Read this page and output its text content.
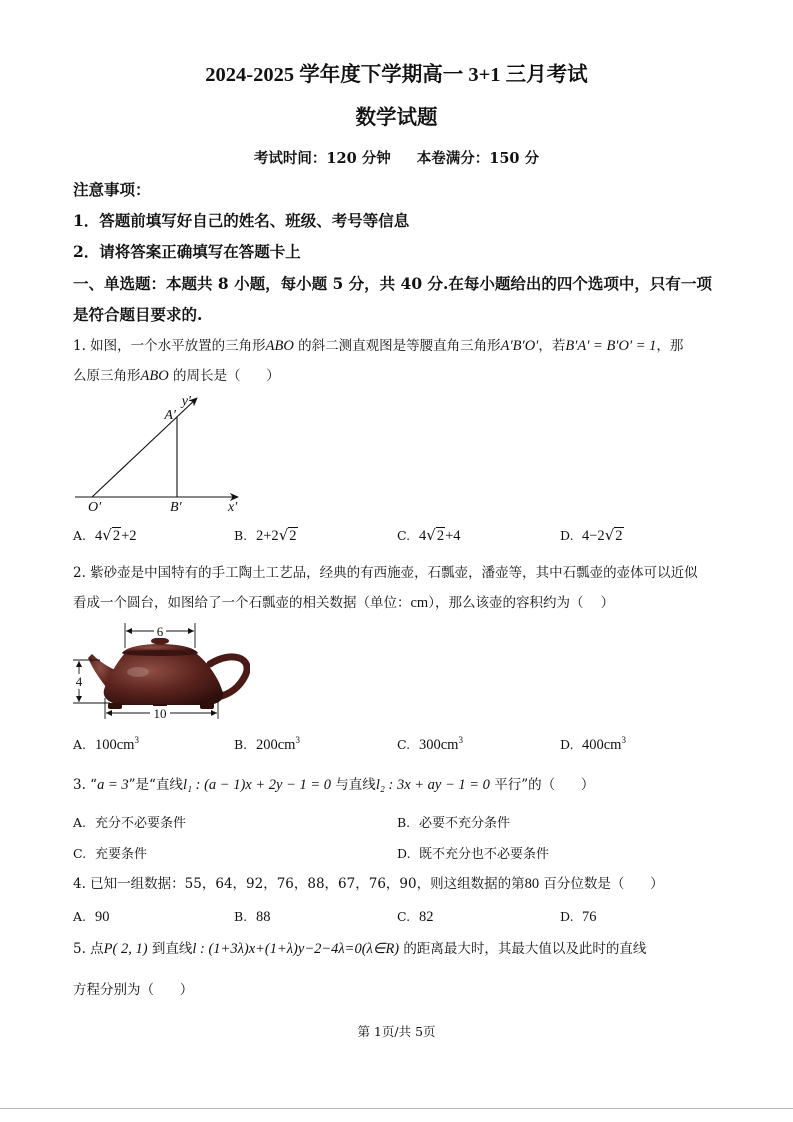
2024-2025 学年度下学期高一 3+1 三月考试
数学试题
考试时间：120 分钟 本卷满分：150 分
注意事项：
1．答题前填写好自己的姓名、班级、考号等信息
2．请将答案正确填写在答题卡上
一、单选题：本题共 8 小题，每小题 5 分，共 40 分.在每小题给出的四个选项中，只有一项
是符合题目要求的.
1. 如图，一个水平放置的三角形ABO 的斜二测直观图是等腰直角三角形A′B′O′，若B′A′ = B′O′ = 1，那
么原三角形ABO 的周长是（      ）
A′
y′
O′	B′	x′
A. 4√2+2	B. 2+2√2	C. 4√2+4	D. 4−2√2
2. 紫砂壶是中国特有的手工陶土工艺品，经典的有西施壶，石瓢壶，潘壶等，其中石瓢壶的壶体可以近似
看成一个圆台，如图给了一个石瓢壶的相关数据（单位：cm），那么该壶的容积约为（    ）
6
4
10
A. $100cm^3$	B. $200cm^3$	C. $300cm^3$	D. $400cm^3$
3. “a = 3”是“直线l₁ : (a − 1)x + 2y − 1 = 0 与直线l₂ : 3x + ay − 1 = 0 平行”的（      ）
A. 充分不必要条件	B. 必要不充分条件
C. 充要条件	D. 既不充分也不必要条件
4. 已知一组数据：55，64，92，76，88，67，76，90，则这组数据的第80 百分位数是（      ）
A. 90	B. 88	C. 82	D. 76
5. 点P( 2, 1) 到直线l : (1+3λ)x+(1+λ)y−2−4λ=0(λ∈R) 的距离最大时，其最大值以及此时的直线
方程分别为（      ）
第 1页/共 5页
